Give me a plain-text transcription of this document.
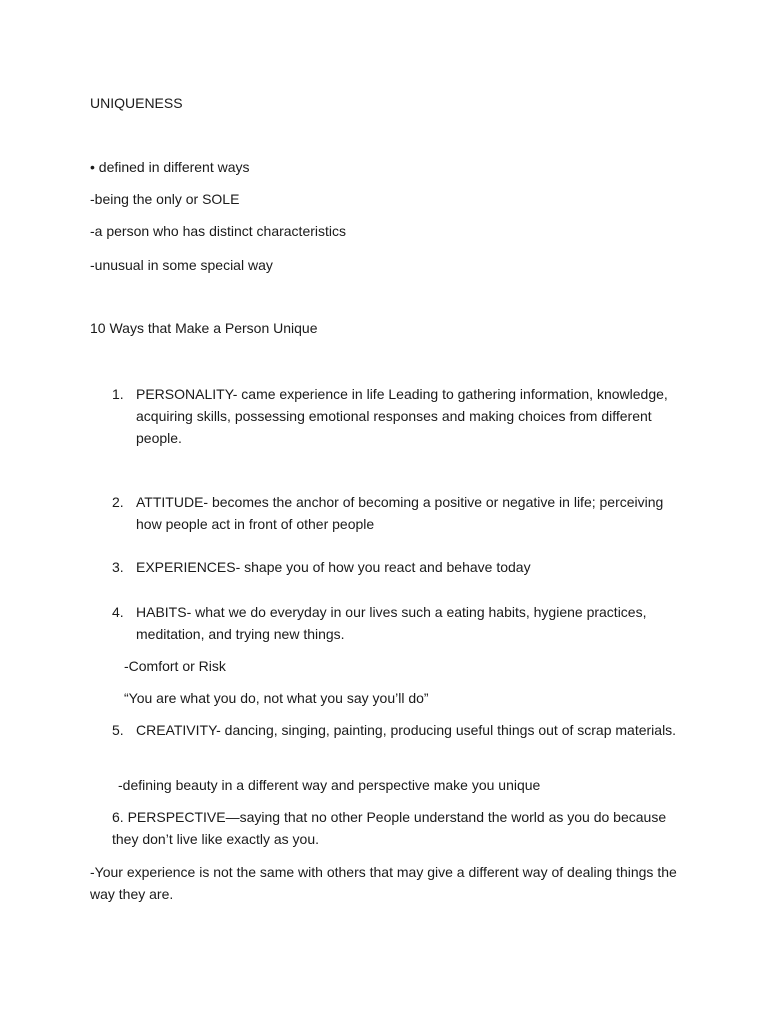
UNIQUENESS

• defined in different ways

-being the only or SOLE

-a person who has distinct characteristics

-unusual in some special way

10 Ways that Make a Person Unique

1. PERSONALITY- came experience in life Leading to gathering information, knowledge, acquiring skills, possessing emotional responses and making choices from different people.
2. ATTITUDE- becomes the anchor of becoming a positive or negative in life; perceiving how people act in front of other people
3. EXPERIENCES- shape you of how you react and behave today
4. HABITS- what we do everyday in our lives such a eating habits, hygiene practices, meditation, and trying new things.

-Comfort or Risk

“You are what you do, not what you say you’ll do”

5. CREATIVITY- dancing, singing, painting, producing useful things out of scrap materials.

-defining beauty in a different way and perspective make you unique

6. PERSPECTIVE—saying that no other People understand the world as you do because they don’t live like exactly as you.

-Your experience is not the same with others that may give a different way of dealing things the way they are.
